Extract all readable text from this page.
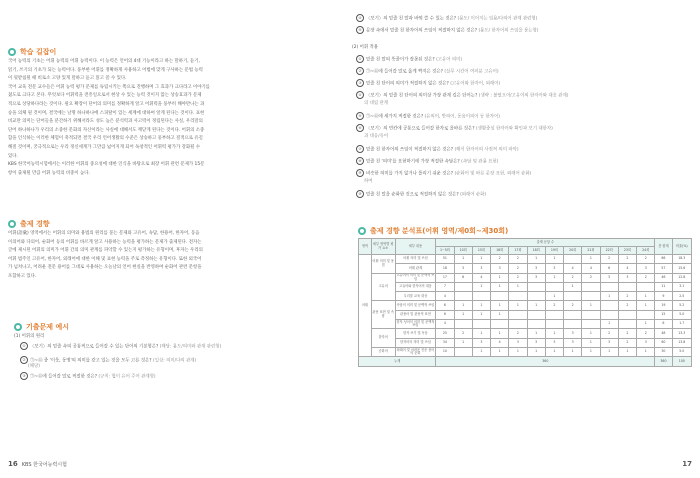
학습 길잡이
국어 능력의 기초는 어휘 능력의 어휘 능력이다. 이 능력은 언어의 4대 기능이라고 하는 말하기, 듣기,
읽기, 쓰기의 기초가 되는 능력이다. 풍부한 어휘를 정확하게 사용하고 어법에 맞게 구사하는 문법 능력
이 뒷받침될 때 비로소 고양 있게 말하고 듣고 읽고 쓸 수 있다.
국어 교육 전문 교수들은 어휘 능력 평가 문제를 독립시키는 쪽으로 진행하며 그 효과가 크다라고 이야기를
쳤도로 크다고 본다. 무엇보다 어휘력을 전흥일으로서 현상 수 있는 능력 것이지 않는 상승효과가 문제
적으로 상당하다라는 것이다. 필요 확장이 단어의 의미를 정확하게 알고 어휘력을 풍부히 해야만나는 과
승을 의체 될 것이며, 결국에는 날명 하나하나에 스피탈이 있는 세계에 대하여 알게 된다는 것이다. 표현
비교란 의미는 단어들을 분간하기 위해서라도 성도 높은 분석력과 사고력이 정립된다는 사실, 우리말의
단어 하나하나가 우리의 소중한 문화의 자산이라는 사실에 대해서도 깨닫게 된다는 것이다. 어휘의 소중
함을 인식하는 이러한 체험이 축적되면 결국 우리 언어생활의 수준은 상승하고 풍부하고 질적으로 유길
해질 것이며, 궁극적으로는 우리 정신세계가 그만큼 넓어지게 되어 독창적인 어휘력 평가가 강화될 수
있다.
KBS 한국어능력시험에서는 이러한 어휘의 중요성에 대한 인식을 바탕으로 최장 어휘 관련 문제가 15문
항이 출제될 만큼 어휘 능력의 비중이 높다.
출제 경향
어휘(語彙) 영역에서는 어휘의 의미와 용법의 원리를 묻는 문제와 고유어, 속담, 한용어, 한자어, 동음
이의어와 다의어, 순화어 등의 어휘를 바르게 알고 사용하는 능력을 평가하는 문제가 출제된다. 전자는
글에 제시된 어휘의 의미가 어휘 간의 의미 관계를 파악할 수 있는지 평가하는 유형이며, 후자는 우리의
어휘 범주인 고유어, 한자어, 외래어에 대한 이해 및 표현 능력을 주로 측정하는 유형이다. 또한 외국어
가 넘쳐나고, 어려운 전문 용어를 그대로 사용하는 오늘날의 언어 현실을 반영하여 순화어 관련 문항을
포함하고 있다.
기출문제 예시
(1) 어휘의 원리
① 〈보기〉의 밑줄 속의 공통적으로 들어갈 수 있는 단어의 기본형은? (해당: 용도/의미와 관계 관련형)
② ㉠~㉣ 중 '이웃, 동병'의 의미를 갖고 있는 것을 모두 고른 것은? (일상: 의미/다의 관계)
(해당)
③ ㉠~㉣에 들어갈 말로 적절한 것은? (규칙: 협이 유어 주어 관계형)
16 KBS 한국어능력시험
④ 〈보기〉의 밑줄 친 말과 바꿔 쓸 수 있는 것은? (용도/ 이어지는 임용/다의어 관계 관련형)
⑤ 문장 속에서 밑줄 친 한자어의 쓰임이 적절하지 않은 것은? (용도/ 한자어의 쓰임을 묻는형)
(2) 어휘 적용
① 밑줄 친 말의 뜻풀이가 잘못된 것은? (고유어 의미)
② ㉠~㉣에 들어갈 말로 옳게 짝지은 것은? (실무 시간어 여러분 고유어)
③ 밑줄 친 단어의 의미가 적절하지 않은 것은? (고유어와 한자어, 외래어)
④ 〈보기〉의 밑줄 친 단어의 의미상 가장 관계 깊은 단어는? (생략 : 불필요어/고유어의 한자어와 대응 관계)
의 대립 관계
⑤ ㉠~㉣에 세가지 적절한 것은? (유의어, 반의어, 동음이의어 등 한자어)
⑥ 〈보기〉의 빈칸에 공통으로 들어갈 한자로 올바른 것은? (생활중심 한자어와 확인과 보기 대한자)
과 대응/유어
⑦ 밑줄 친 한자어의 쓰임이 적절하지 않은 것은? (해석 한자어의 사전적 의미 파악)
⑧ 밑줄 친 '의미'를 표현하기에 가장 적절한 속담은? (속담 및 관용 표현)
⑨ 비슷한 의미를 가지 않거나 틀리기 쉬운 것은? (순화어 및 바른 문장 표현, 외래어 순화)
하여
⑩ 밑줄 친 말을 순화한 것으로 적절하지 않은 것은? (외래어 순화)
출제 경향 분석표(어휘 영역/제0회~제30회)
영역	세부 영역별 평가 요소	세부 내용	출제 문항 수												총 합계	비율(%)
			1~5회	10회	15회	16회	17회	18회	19회	20회	21회	22회	23회	24회		
어휘	어휘 의미 및 용법	어휘 의미 및 쓰임	51	1	1	2	2	1	1		1	2	2	2	66	18.3
		어휘 관계	18	3	3	3	2	3	3	4	4	6	4	3	57	15.6
	고유어	고유어의 의미 및 문맥적 쓰임	17	6	4	1	2	3	1	2	2	3	3	2	46	12.8
		고유어와 한자어의 대응	7		1	1	1			1					11	3.1
		우리말 교육 대상	4						1			1	2	1	9	2.5
	관용 표현 및 속담	속담의 의미 및 문맥적 쓰임	6	1	1	1	1	1	2	2	1		2	1	19	5.2
		관용어 및 관용적 표현	6	1	1	1									15	5.0
		한자 성어의 의미 및 문맥적 쓰임	4									1		1	6	1.7
	한자어	한자 쓰기 및 독음	25	2	1	1	2	1	1	3	1	2	2	2	48	13.3
		한자어의 의미 및 쓰임	34	1	3	4	3	3	3	3	1	3	2	3	60	13.8
	순화어	외래어 및 어려운 전문 용어의 순화	10		1	1	1	1	1	1	1	1	1	1	30	5.0
누계			360												360	100
17
